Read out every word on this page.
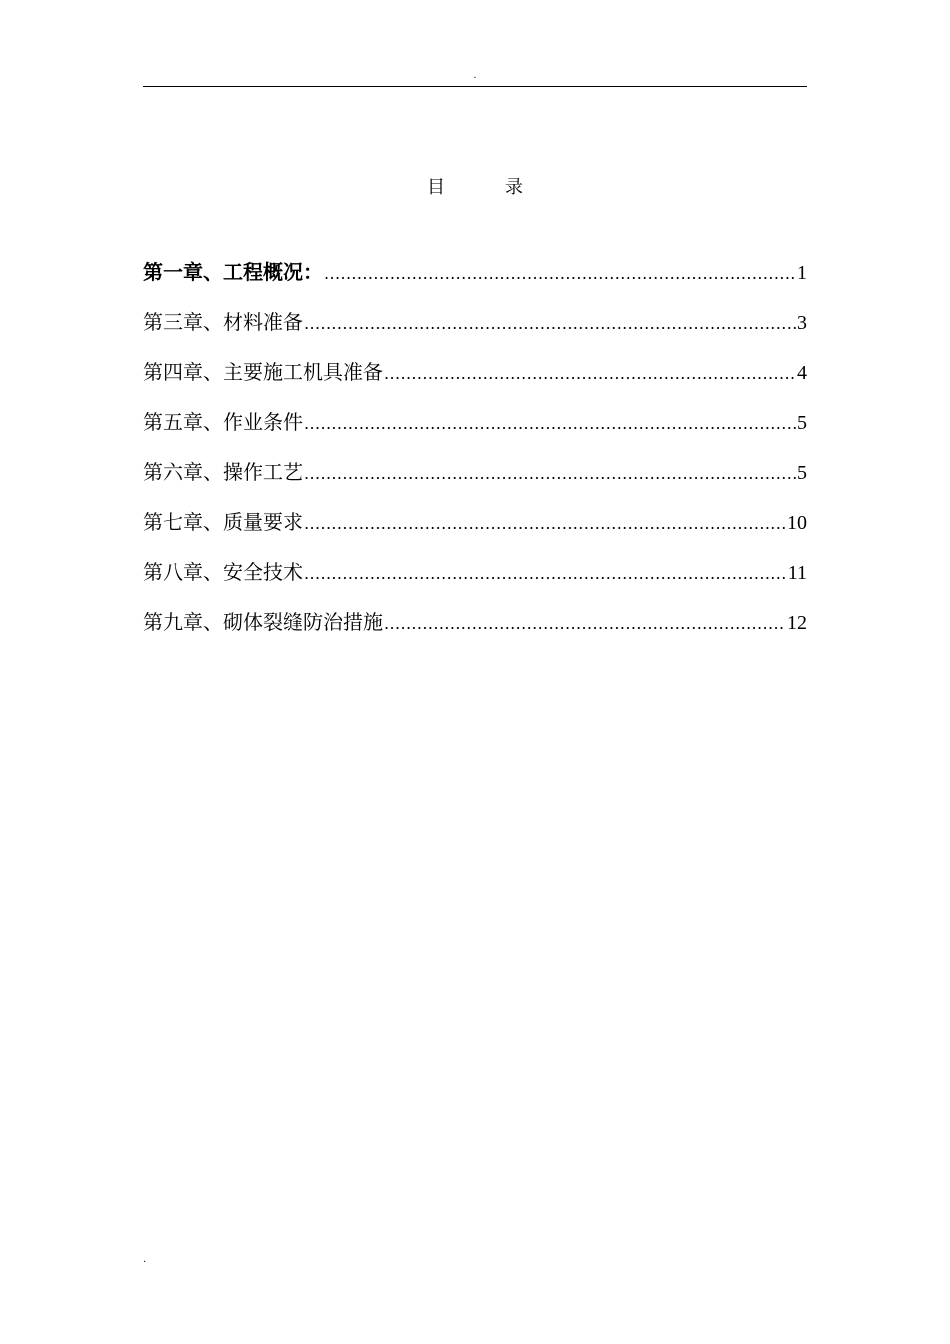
.
目	录
第一章、工程概况： .....	1
第三章、材料准备 .....	3
第四章、主要施工机具准备 .....	4
第五章、作业条件 .....	5
第六章、操作工艺 .....	5
第七章、质量要求 .....	10
第八章、安全技术 .....	11
第九章、砌体裂缝防治措施 .....	12
.
